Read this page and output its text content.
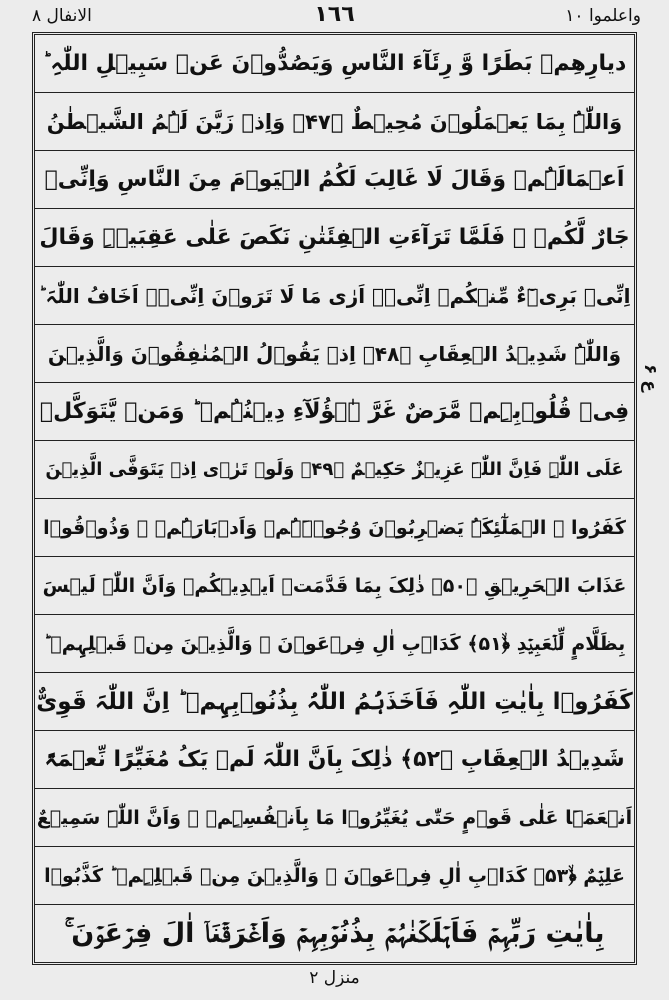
الانفال ٨	١٦٦	واعلموا ١٠
دیارِھِمۡ بَطَرًا وَّ رِئَآءَ النَّاسِ وَیَصُدُّوۡنَ عَنۡ سَبِیۡلِ اللّٰہِ ؕ
وَاللّٰہُ بِمَا یَعۡمَلُوۡنَ مُحِیۡطٌ ﴿۴۷﴾ وَاِذۡ زَیَّنَ لَہُمُ الشَّیۡطٰنُ
اَعۡمَالَہُمۡ وَقَالَ لَا غَالِبَ لَکُمُ الۡیَوۡمَ مِنَ النَّاسِ وَاِنِّیۡ
جَارٌ لَّکُمۡ ۚ فَلَمَّا تَرَآءَتِ الۡفِئَتٰنِ نَکَصَ عَلٰی عَقِبَیۡہِ وَقَالَ
اِنِّیۡ بَرِیۡٓءٌ مِّنۡکُمۡ اِنِّیۡۤ اَرٰی مَا لَا تَرَوۡنَ اِنِّیۡۤ اَخَافُ اللّٰہَ ؕ
وَاللّٰہُ شَدِیۡدُ الۡعِقَابِ ﴿۴۸﴾ اِذۡ یَقُوۡلُ الۡمُنٰفِقُوۡنَ وَالَّذِیۡنَ
فِیۡ قُلُوۡبِہِمۡ مَّرَضٌ غَرَّ ہٰۤؤُلَآءِ دِیۡنُہُمۡ ؕ وَمَنۡ یَّتَوَکَّلۡ
عَلَی اللّٰہِ فَاِنَّ اللّٰہَ عَزِیۡزٌ حَکِیۡمٌ ﴿۴۹﴾ وَلَوۡ تَرٰۤی اِذۡ یَتَوَفَّی الَّذِیۡنَ
کَفَرُوا ۙ الۡمَلٰٓئِکَۃُ یَضۡرِبُوۡنَ وُجُوۡہَہُمۡ وَاَدۡبَارَہُمۡ ۚ وَذُوۡقُوۡا
عَذَابَ الۡحَرِیۡقِ ﴿۵۰﴾ ذٰلِکَ بِمَا قَدَّمَتۡ اَیۡدِیۡکُمۡ وَاَنَّ اللّٰہَ لَیۡسَ
بِظَلَّامٍ لِّلۡعَبِیۡدِ ﴿ۙ۵۱﴾ کَدَاۡبِ اٰلِ فِرۡعَوۡنَ ۙ وَالَّذِیۡنَ مِنۡ قَبۡلِہِمۡ ؕ
کَفَرُوۡا بِاٰیٰتِ اللّٰہِ فَاَخَذَہُمُ اللّٰہُ بِذُنُوۡبِہِمۡ ؕ اِنَّ اللّٰہَ قَوِیٌّ
شَدِیۡدُ الۡعِقَابِ ﴿۵۲﴾ ذٰلِکَ بِاَنَّ اللّٰہَ لَمۡ یَکُ مُغَیِّرًا نِّعۡمَۃً
اَنۡعَمَہَا عَلٰی قَوۡمٍ حَتّٰی یُغَیِّرُوۡا مَا بِاَنۡفُسِہِمۡ ۙ وَاَنَّ اللّٰہَ سَمِیۡعٌ
عَلِیۡمٌ ﴿ۙ۵۳﴾ کَدَاۡبِ اٰلِ فِرۡعَوۡنَ ۙ وَالَّذِیۡنَ مِنۡ قَبۡلِہِمۡ ؕ کَذَّبُوۡا
بِاٰیٰتِ رَبِّہِمۡ فَاَہۡلَکۡنٰہُمۡ بِذُنُوۡبِہِمۡ وَاَغۡرَقۡنَاۤ اٰلَ فِرۡعَوۡنَ ۚ
ع ۶
منزل ٢
